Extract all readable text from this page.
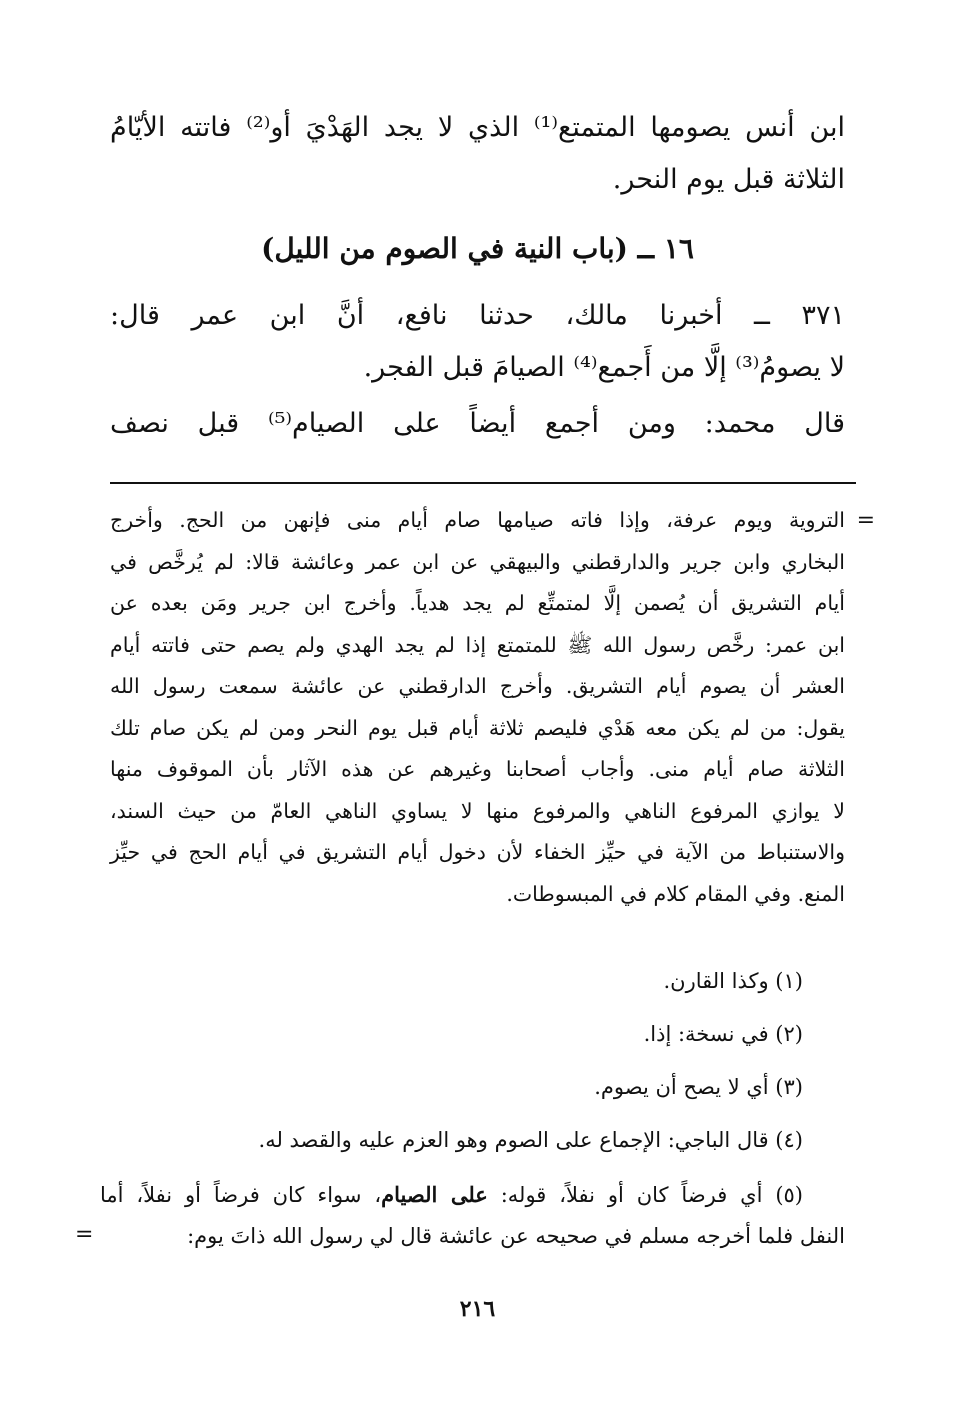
ابن أنس يصومها المتمتع⁽¹⁾ الذي لا يجد الهَدْيَ أو⁽²⁾ فاتته الأيّامُ

الثلاثة قبل يوم النحر.

١٦ ــ (باب النية في الصوم من الليل)

٣٧١ ــ أخبرنا مالك، حدثنا نافع، أنَّ ابن عمر قال:

لا يصومُ⁽³⁾ إلَّا من أَجمع⁽⁴⁾ الصيامَ قبل الفجر.

قال محمد: ومن أجمع أيضاً على الصيام⁽⁵⁾ قبل نصف

=

التروية ويوم عرفة، وإذا فاته صيامها صام أيام منى فإنهن من الحج. وأخرج

البخاري وابن جرير والدارقطني والبيهقي عن ابن عمر وعائشة قالا: لم يُرخَّص في

أيام التشريق أن يُصمن إلَّا لمتمتِّع لم يجد هدياً. وأخرج ابن جرير ومَن بعده عن

ابن عمر: رخَّص رسول الله ﷺ للمتمتع إذا لم يجد الهدي ولم يصم حتى فاتته أيام

العشر أن يصوم أيام التشريق. وأخرج الدارقطني عن عائشة سمعت رسول الله

يقول: من لم يكن معه هَدْي فليصم ثلاثة أيام قبل يوم النحر ومن لم يكن صام تلك

الثلاثة صام أيام منى. وأجاب أصحابنا وغيرهم عن هذه الآثار بأن الموقوف منها

لا يوازي المرفوع الناهي والمرفوع منها لا يساوي الناهي العامّ من حيث السند،

والاستنباط من الآية في حيِّز الخفاء لأن دخول أيام التشريق في أيام الحج في حيِّز

المنع. وفي المقام كلام في المبسوطات.

(١) وكذا القارن.
(٢) في نسخة: إذا.
(٣) أي لا يصح أن يصوم.
(٤) قال الباجي: الإجماع على الصوم وهو العزم عليه والقصد له.
(٥) أي فرضاً كان أو نفلاً، قوله: على الصيام، سواء كان فرضاً أو نفلاً، أما
النفل فلما أخرجه مسلم في صحيحه عن عائشة قال لي رسول الله ذاتَ يوم:
=
٢١٦
